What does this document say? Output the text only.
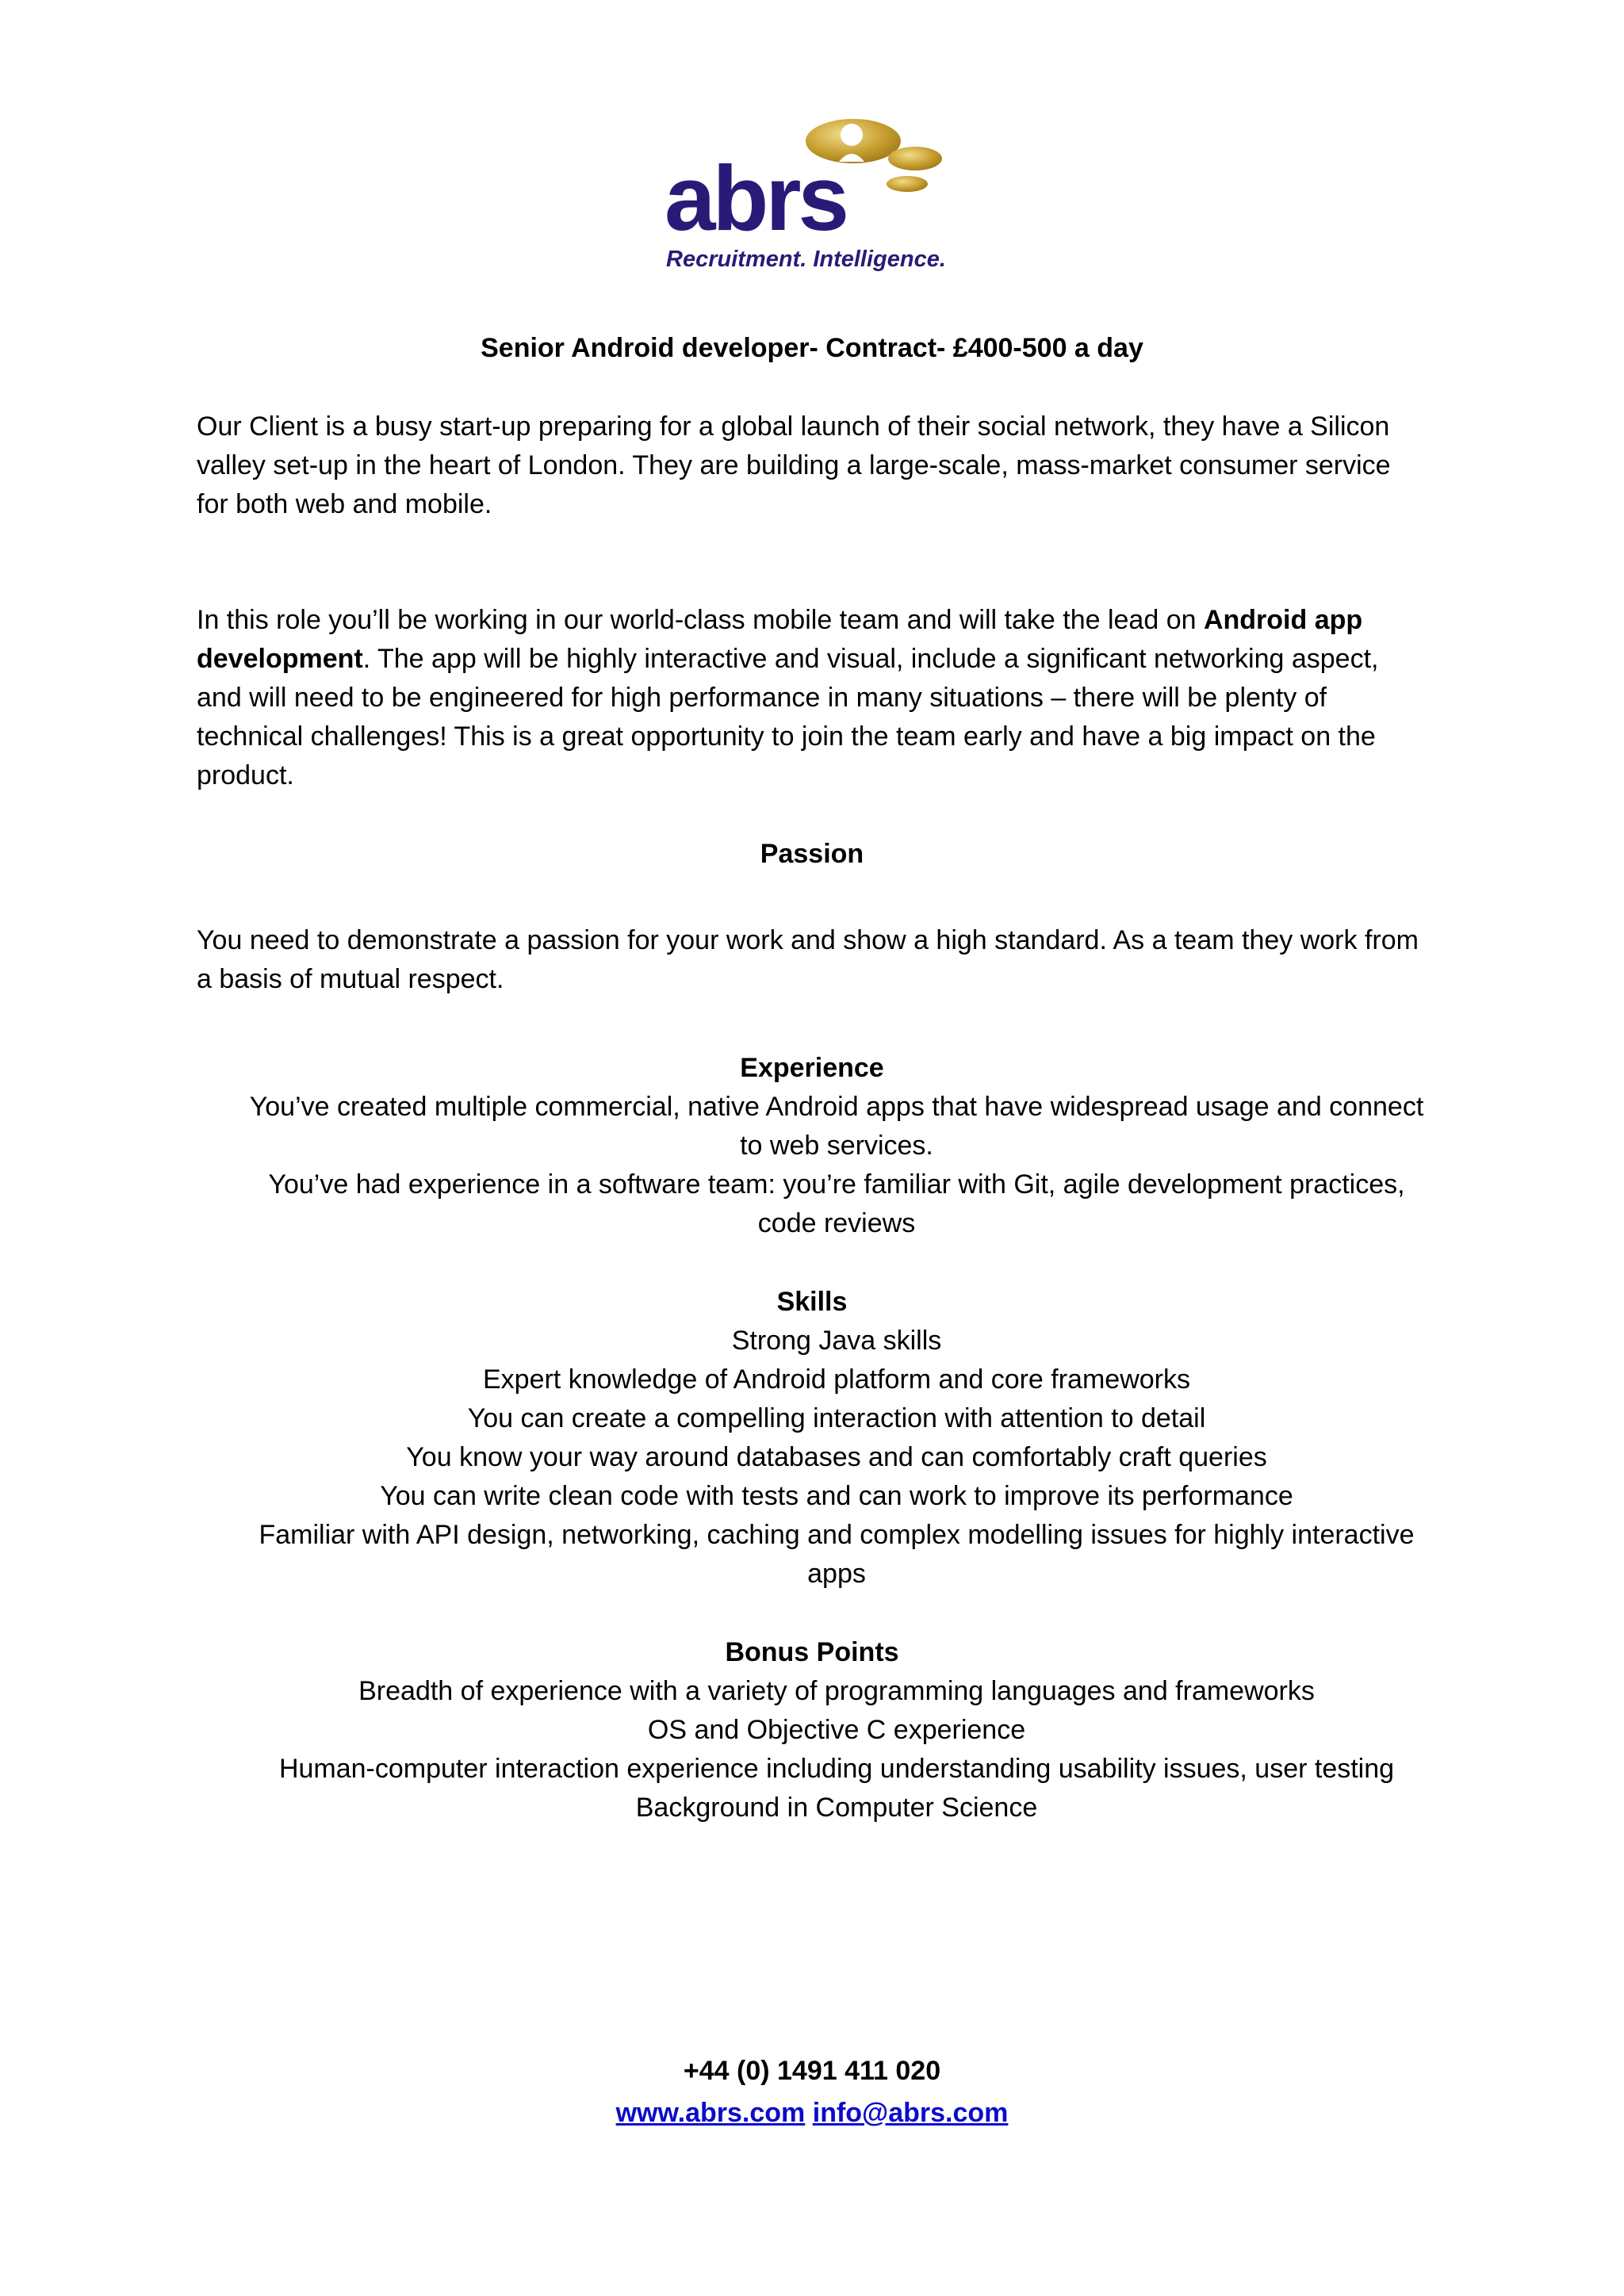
abrs
Recruitment. Intelligence.
Senior Android developer- Contract- £400-500 a day
Our Client is a busy start-up preparing for a global launch of their social network, they have a Silicon valley set-up in the heart of London. They are building a large-scale, mass-market consumer service for both web and mobile.
In this role you’ll be working in our world-class mobile team and will take the lead on Android app development. The app will be highly interactive and visual, include a significant networking aspect, and will need to be engineered for high performance in many situations – there will be plenty of technical challenges! This is a great opportunity to join the team early and have a big impact on the product.
Passion
You need to demonstrate a passion for your work and show a high standard. As a team they work from a basis of mutual respect.
Experience
You’ve created multiple commercial, native Android apps that have widespread usage and connect to web services.
You’ve had experience in a software team: you’re familiar with Git, agile development practices, code reviews
Skills
Strong Java skills
Expert knowledge of Android platform and core frameworks
You can create a compelling interaction with attention to detail
You know your way around databases and can comfortably craft queries
You can write clean code with tests and can work to improve its performance
Familiar with API design, networking, caching and complex modelling issues for highly interactive apps
Bonus Points
Breadth of experience with a variety of programming languages and frameworks
OS and Objective C experience
Human-computer interaction experience including understanding usability issues, user testing
Background in Computer Science
+44 (0) 1491 411 020
www.abrs.com info@abrs.com
